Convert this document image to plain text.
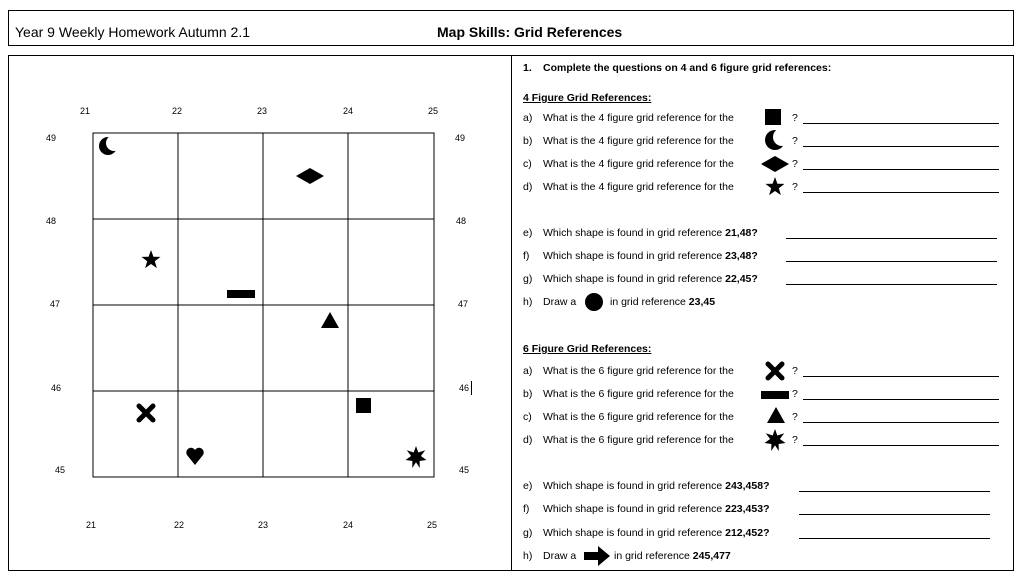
Year 9 Weekly Homework Autumn 2.1	Map Skills: Grid References
21	22	23	24	25
21	22	23	24	25
49
48
47
46
45
49
48
47
46
45
1. Complete the questions on 4 and 6 figure grid references:
4 Figure Grid References:
a) What is the 4 figure grid reference for the	?
b) What is the 4 figure grid reference for the	?
c) What is the 4 figure grid reference for the	?
d) What is the 4 figure grid reference for the	?
e) Which shape is found in grid reference 21,48?
f) Which shape is found in grid reference 23,48?
g) Which shape is found in grid reference 22,45?
h) Draw a	in grid reference 23,45
6 Figure Grid References:
a) What is the 6 figure grid reference for the	?
b) What is the 6 figure grid reference for the	?
c) What is the 6 figure grid reference for the	?
d) What is the 6 figure grid reference for the	?
e) Which shape is found in grid reference 243,458?
f) Which shape is found in grid reference 223,453?
g) Which shape is found in grid reference 212,452?
h) Draw a	in grid reference 245,477
